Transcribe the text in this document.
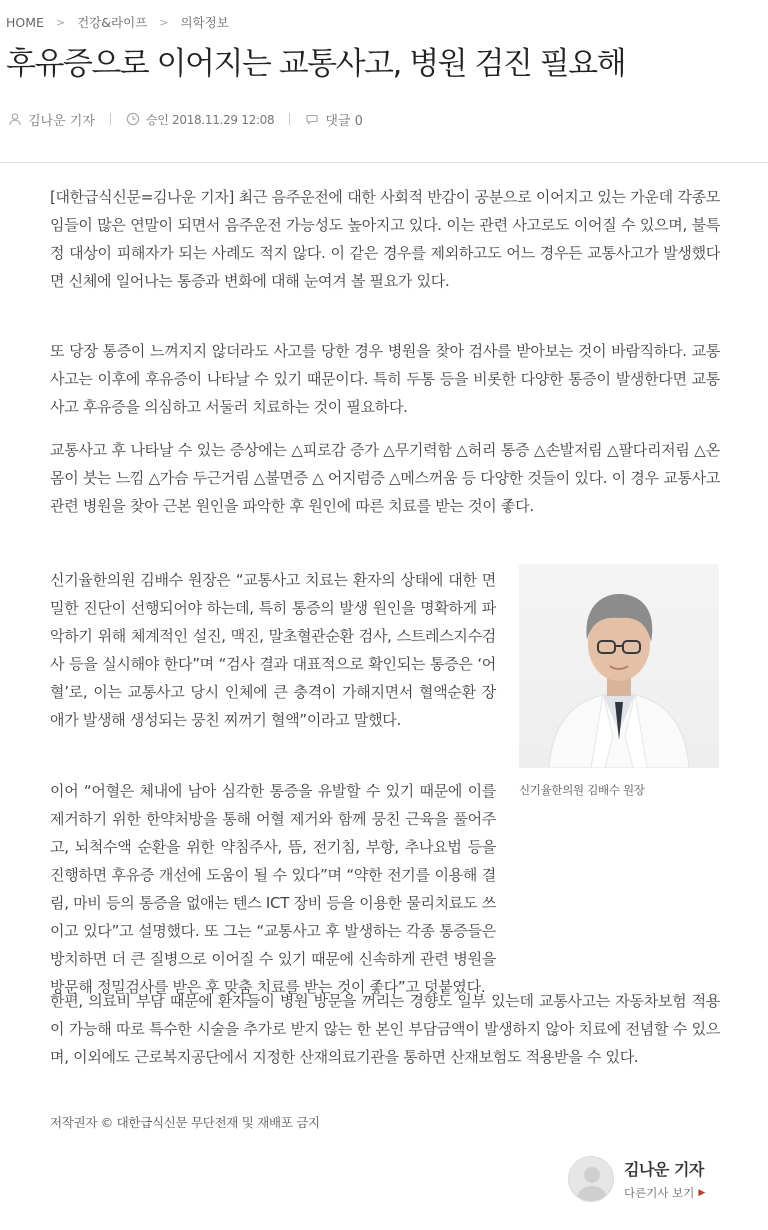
HOME > 건강&라이프 > 의학정보
후유증으로 이어지는 교통사고, 병원 검진 필요해
김나운 기자	승인 2018.11.29 12:08	댓글 0

[대한급식신문=김나운 기자] 최근 음주운전에 대한 사회적 반감이 공분으로 이어지고 있는 가운데 각종모임들이 많은 연말이 되면서 음주운전 가능성도 높아지고 있다. 이는 관련 사고로도 이어질 수 있으며, 불특정 대상이 피해자가 되는 사례도 적지 않다. 이 같은 경우를 제외하고도 어느 경우든 교통사고가 발생했다면 신체에 일어나는 통증과 변화에 대해 눈여겨 볼 필요가 있다.

또 당장 통증이 느껴지지 않더라도 사고를 당한 경우 병원을 찾아 검사를 받아보는 것이 바람직하다. 교통사고는 이후에 후유증이 나타날 수 있기 때문이다. 특히 두통 등을 비롯한 다양한 통증이 발생한다면 교통사고 후유증을 의심하고 서둘러 치료하는 것이 필요하다.

교통사고 후 나타날 수 있는 증상에는 △피로감 증가 △무기력함 △허리 통증 △손발저림 △팔다리저림 △온 몸이 붓는 느낌 △가슴 두근거림 △불면증 △ 어지럼증 △메스꺼움 등 다양한 것들이 있다. 이 경우 교통사고 관련 병원을 찾아 근본 원인을 파악한 후 원인에 따른 치료를 받는 것이 좋다.

신기율한의원 김배수 원장은 “교통사고 치료는 환자의 상태에 대한 면밀한 진단이 선행되어야 하는데, 특히 통증의 발생 원인을 명확하게 파악하기 위해 체계적인 설진, 맥진, 말초혈관순환 검사, 스트레스지수검사 등을 실시해야 한다”며 “검사 결과 대표적으로 확인되는 통증은 ‘어혈’로, 이는 교통사고 당시 인체에 큰 충격이 가해지면서 혈액순환 장애가 발생해 생성되는 뭉친 찌꺼기 혈액”이라고 말했다.

신기율한의원 김배수 원장

이어 “어혈은 체내에 남아 심각한 통증을 유발할 수 있기 때문에 이를 제거하기 위한 한약처방을 통해 어혈 제거와 함께 뭉친 근육을 풀어주고, 뇌척수액 순환을 위한 약침주사, 뜸, 전기침, 부항, 추나요법 등을 진행하면 후유증 개선에 도움이 될 수 있다”며 “약한 전기를 이용해 결림, 마비 등의 통증을 없애는 텐스 ICT 장비 등을 이용한 물리치료도 쓰이고 있다”고 설명했다. 또 그는 “교통사고 후 발생하는 각종 통증들은 방치하면 더 큰 질병으로 이어질 수 있기 때문에 신속하게 관련 병원을 방문해 정밀검사를 받은 후 맞춤 치료를 받는 것이 좋다”고 덧붙였다.

한편, 의료비 부담 때문에 환자들이 병원 방문을 꺼리는 경향도 일부 있는데 교통사고는 자동차보험 적용이 가능해 따로 특수한 시술을 추가로 받지 않는 한 본인 부담금액이 발생하지 않아 치료에 전념할 수 있으며, 이외에도 근로복지공단에서 지정한 산재의료기관을 통하면 산재보험도 적용받을 수 있다.

저작권자 © 대한급식신문 무단전재 및 재배포 금지
김나운 기자
다른기사 보기 ▶
